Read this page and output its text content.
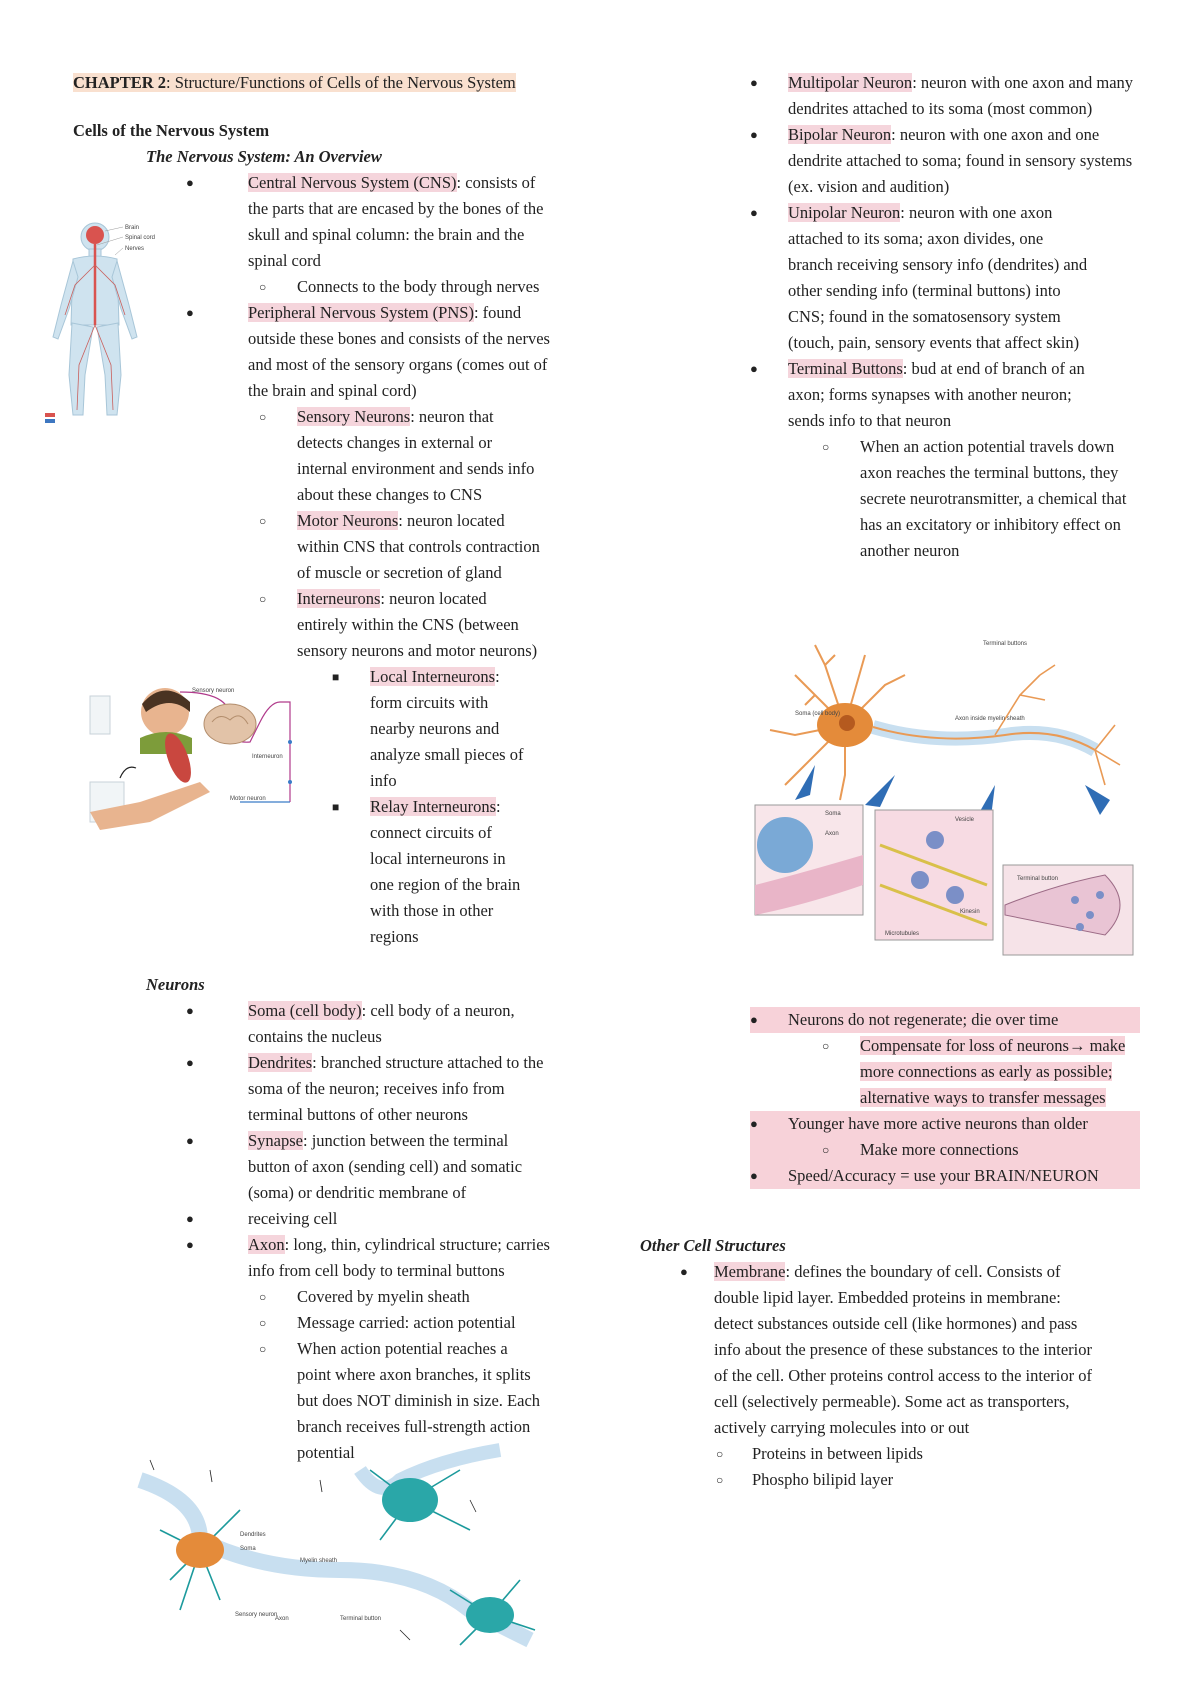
CHAPTER 2: Structure/Functions of Cells of the Nervous System
Cells of the Nervous System
The Nervous System: An Overview
●	Central Nervous System (CNS): consists of the parts that are encased by the bones of the skull and spinal column: the brain and the spinal cord
○ Connects to the body through nerves
●	Peripheral Nervous System (PNS): found outside these bones and consists of the nerves and most of the sensory organs (comes out of the brain and spinal cord)
○ Sensory Neurons: neuron that detects changes in external or internal environment and sends info about these changes to CNS
○ Motor Neurons: neuron located within CNS that controls contraction of muscle or secretion of gland
○ Interneurons: neuron located entirely within the CNS (between sensory neurons and motor neurons)
■ Local Interneurons: form circuits with nearby neurons and analyze small pieces of info
■ Relay Interneurons: connect circuits of local interneurons in one region of the brain with those in other regions
Neurons
●	Soma (cell body): cell body of a neuron, contains the nucleus
●	Dendrites: branched structure attached to the soma of the neuron; receives info from terminal buttons of other neurons
●	Synapse: junction between the terminal button of axon (sending cell) and somatic (soma) or dendritic membrane of
●	receiving cell
●	Axon: long, thin, cylindrical structure; carries info from cell body to terminal buttons
○ Covered by myelin sheath
○ Message carried: action potential
○ When action potential reaches a point where axon branches, it splits but does NOT diminish in size. Each branch receives full-strength action potential
● Multipolar Neuron: neuron with one axon and many dendrites attached to its soma (most common)
● Bipolar Neuron: neuron with one axon and one dendrite attached to soma; found in sensory systems (ex. vision and audition)
● Unipolar Neuron: neuron with one axon attached to its soma; axon divides, one branch receiving sensory info (dendrites) and other sending info (terminal buttons) into CNS; found in the somatosensory system (touch, pain, sensory events that affect skin)
● Terminal Buttons: bud at end of branch of an axon; forms synapses with another neuron; sends info to that neuron
○ When an action potential travels down axon reaches the terminal buttons, they secrete neurotransmitter, a chemical that has an excitatory or inhibitory effect on another neuron
● Neurons do not regenerate; die over time
○ Compensate for loss of neurons→ make more connections as early as possible; alternative ways to transfer messages
● Younger have more active neurons than older
○ Make more connections
● Speed/Accuracy = use your BRAIN/NEURON
Other Cell Structures
● Membrane: defines the boundary of cell. Consists of double lipid layer. Embedded proteins in membrane: detect substances outside cell (like hormones) and pass info about the presence of these substances to the interior of the cell. Other proteins control access to the interior of cell (selectively permeable). Some act as transporters, actively carrying molecules into or out
○ Proteins in between lipids
○ Phospho bilipid layer
Brain
Spinal cord
Nerves
Sensory neuron
Interneuron
Motor neuron
Terminal buttons
Soma (cell body)
Axon inside myelin sheath
Soma
Axon
Microtubules
Vesicle
Kinesin
Terminal button
Sensory neuron
Soma
Myelin sheath
Dendrites
Axon	Terminal button
